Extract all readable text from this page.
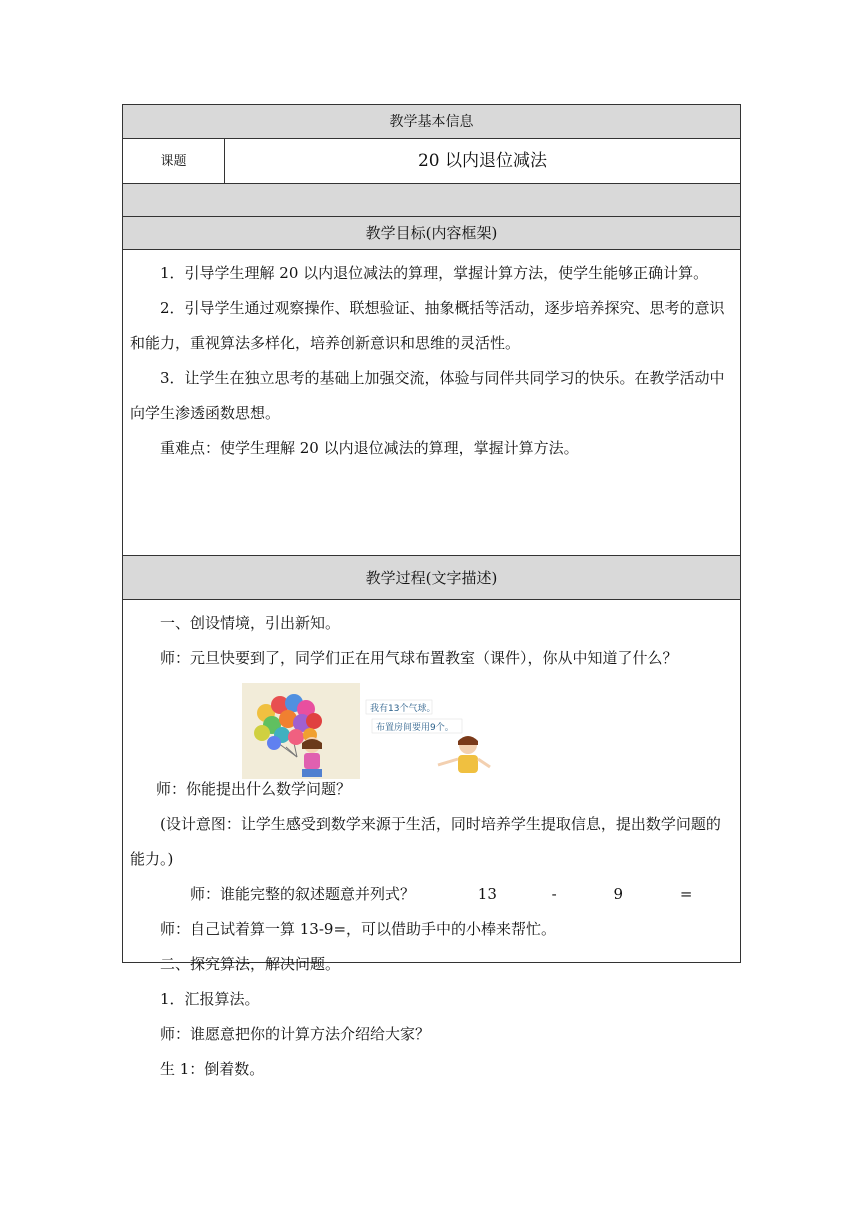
教学基本信息
课题	20 以内退位减法
教学目标(内容框架)

1．引导学生理解 20 以内退位减法的算理，掌握计算方法，使学生能够正确计算。

2．引导学生通过观察操作、联想验证、抽象概括等活动，逐步培养探究、思考的意识和能力，重视算法多样化，培养创新意识和思维的灵活性。

3．让学生在独立思考的基础上加强交流，体验与同伴共同学习的快乐。在教学活动中向学生渗透函数思想。

重难点：使学生理解 20 以内退位减法的算理，掌握计算方法。

教学过程(文字描述)

一、创设情境，引出新知。

师：元旦快要到了，同学们正在用气球布置教室（课件），你从中知道了什么？

我有13个气球。
布置房间要用9个。

师：你能提出什么数学问题？

(设计意图：让学生感受到数学来源于生活，同时培养学生提取信息，提出数学问题的能力。)

师：谁能完整的叙述题意并列式？	13	-	9	=

师：自己试着算一算 13-9=，可以借助手中的小棒来帮忙。

二、探究算法，解决问题。

1．汇报算法。

师：谁愿意把你的计算方法介绍给大家？

生 1：倒着数。
